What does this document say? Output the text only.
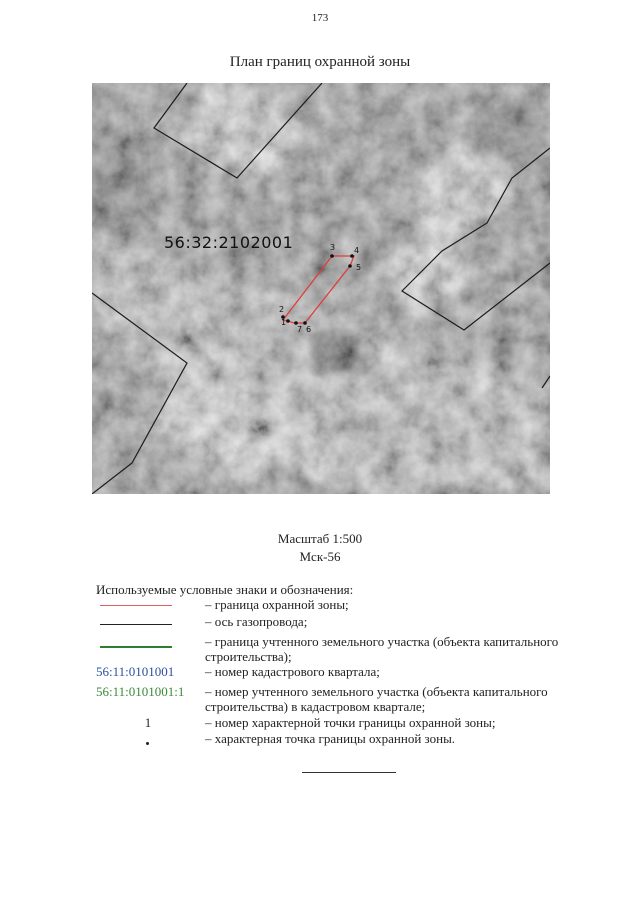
173
План границ охранной зоны
56:32:2102001
1
2
3 4
5
6
7
Масштаб 1:500
Мск-56
Используемые условные знаки и обозначения:
– граница охранной зоны;
– ось газопровода;
– граница учтенного земельного участка (объекта капитального строительства);
56:11:0101001	– номер кадастрового квартала;
56:11:0101001:1	– номер учтенного земельного участка (объекта капитального строительства) в кадастровом квартале;
1	– номер характерной точки границы охранной зоны;
– характерная точка границы охранной зоны.
